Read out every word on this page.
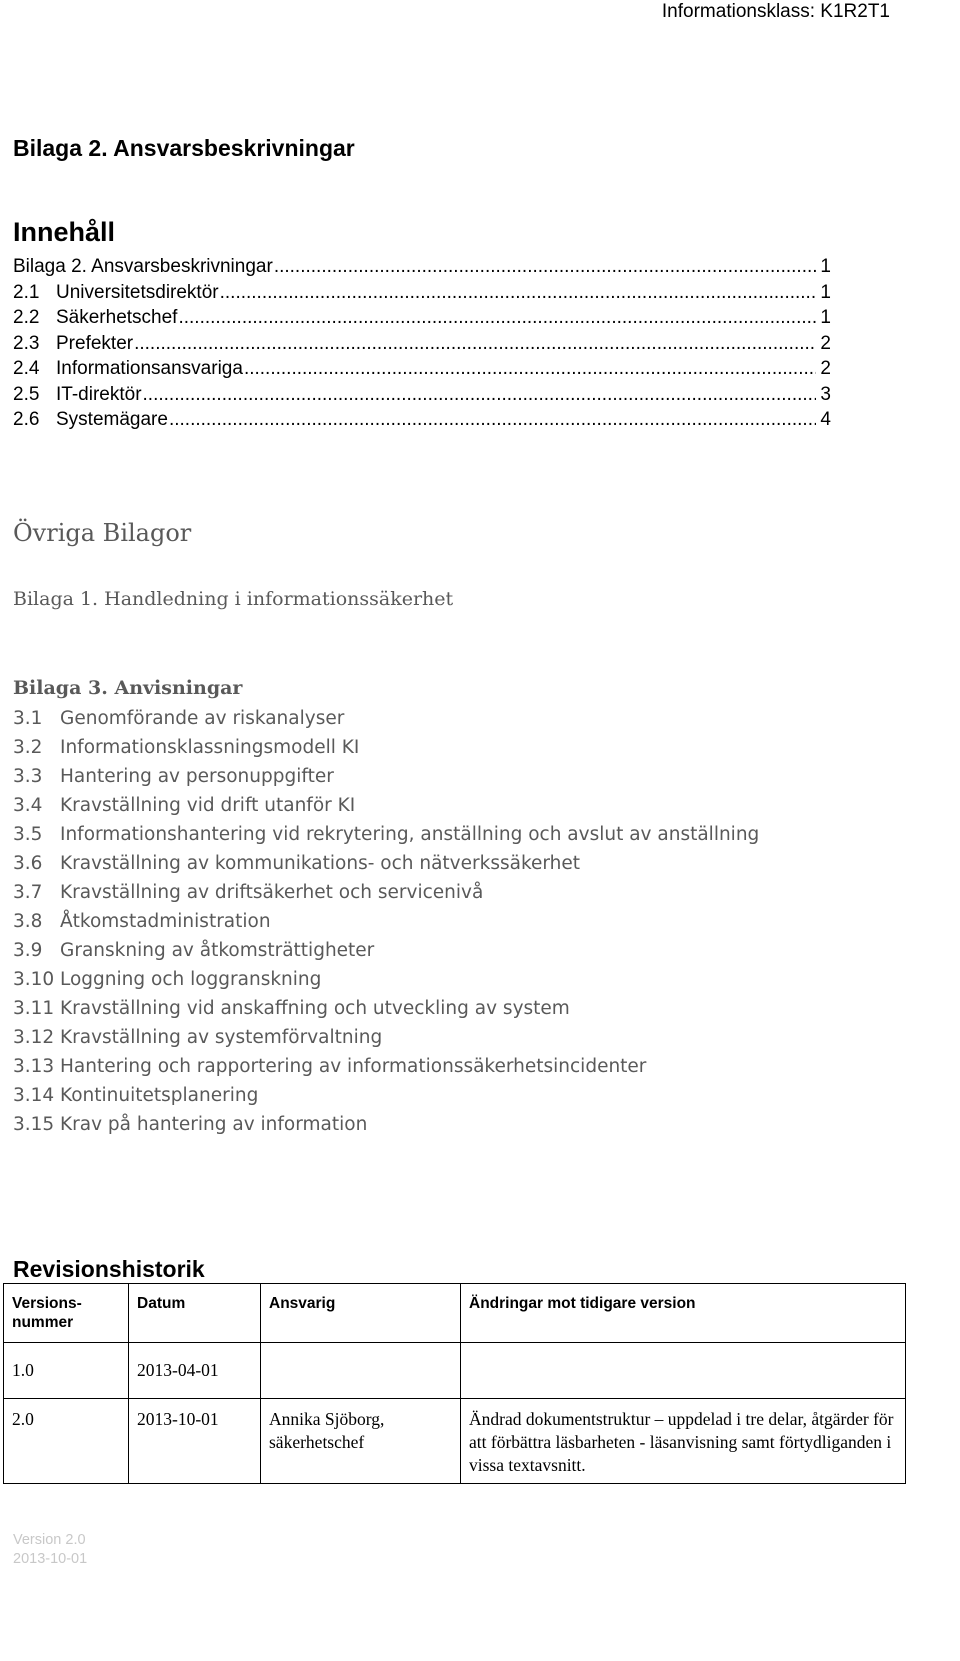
Informationsklass: K1R2T1
Bilaga 2. Ansvarsbeskrivningar
Innehåll
Bilaga 2. Ansvarsbeskrivningar .....	1
2.1 Universitetsdirektör .....	1
2.2 Säkerhetschef .....	1
2.3 Prefekter .....	2
2.4 Informationsansvariga .....	2
2.5 IT-direktör .....	3
2.6 Systemägare .....	4
Övriga Bilagor
Bilaga 1. Handledning i informationssäkerhet
Bilaga 3. Anvisningar
3.1 Genomförande av riskanalyser
3.2 Informationsklassningsmodell KI
3.3 Hantering av personuppgifter
3.4 Kravställning vid drift utanför KI
3.5 Informationshantering vid rekrytering, anställning och avslut av anställning
3.6 Kravställning av kommunikations- och nätverkssäkerhet
3.7 Kravställning av driftsäkerhet och servicenivå
3.8 Åtkomstadministration
3.9 Granskning av åtkomsträttigheter
3.10 Loggning och loggranskning
3.11 Kravställning vid anskaffning och utveckling av system
3.12 Kravställning av systemförvaltning
3.13 Hantering och rapportering av informationssäkerhetsincidenter
3.14 Kontinuitetsplanering
3.15 Krav på hantering av information
Revisionshistorik
Versions-
nummer	Datum	Ansvarig	Ändringar mot tidigare version
1.0	2013-04-01		
2.0	2013-10-01	Annika Sjöborg,
säkerhetschef	Ändrad dokumentstruktur – uppdelad i tre delar, åtgärder för att förbättra läsbarheten - läsanvisning samt förtydliganden i vissa textavsnitt.
Version 2.0
2013-10-01
